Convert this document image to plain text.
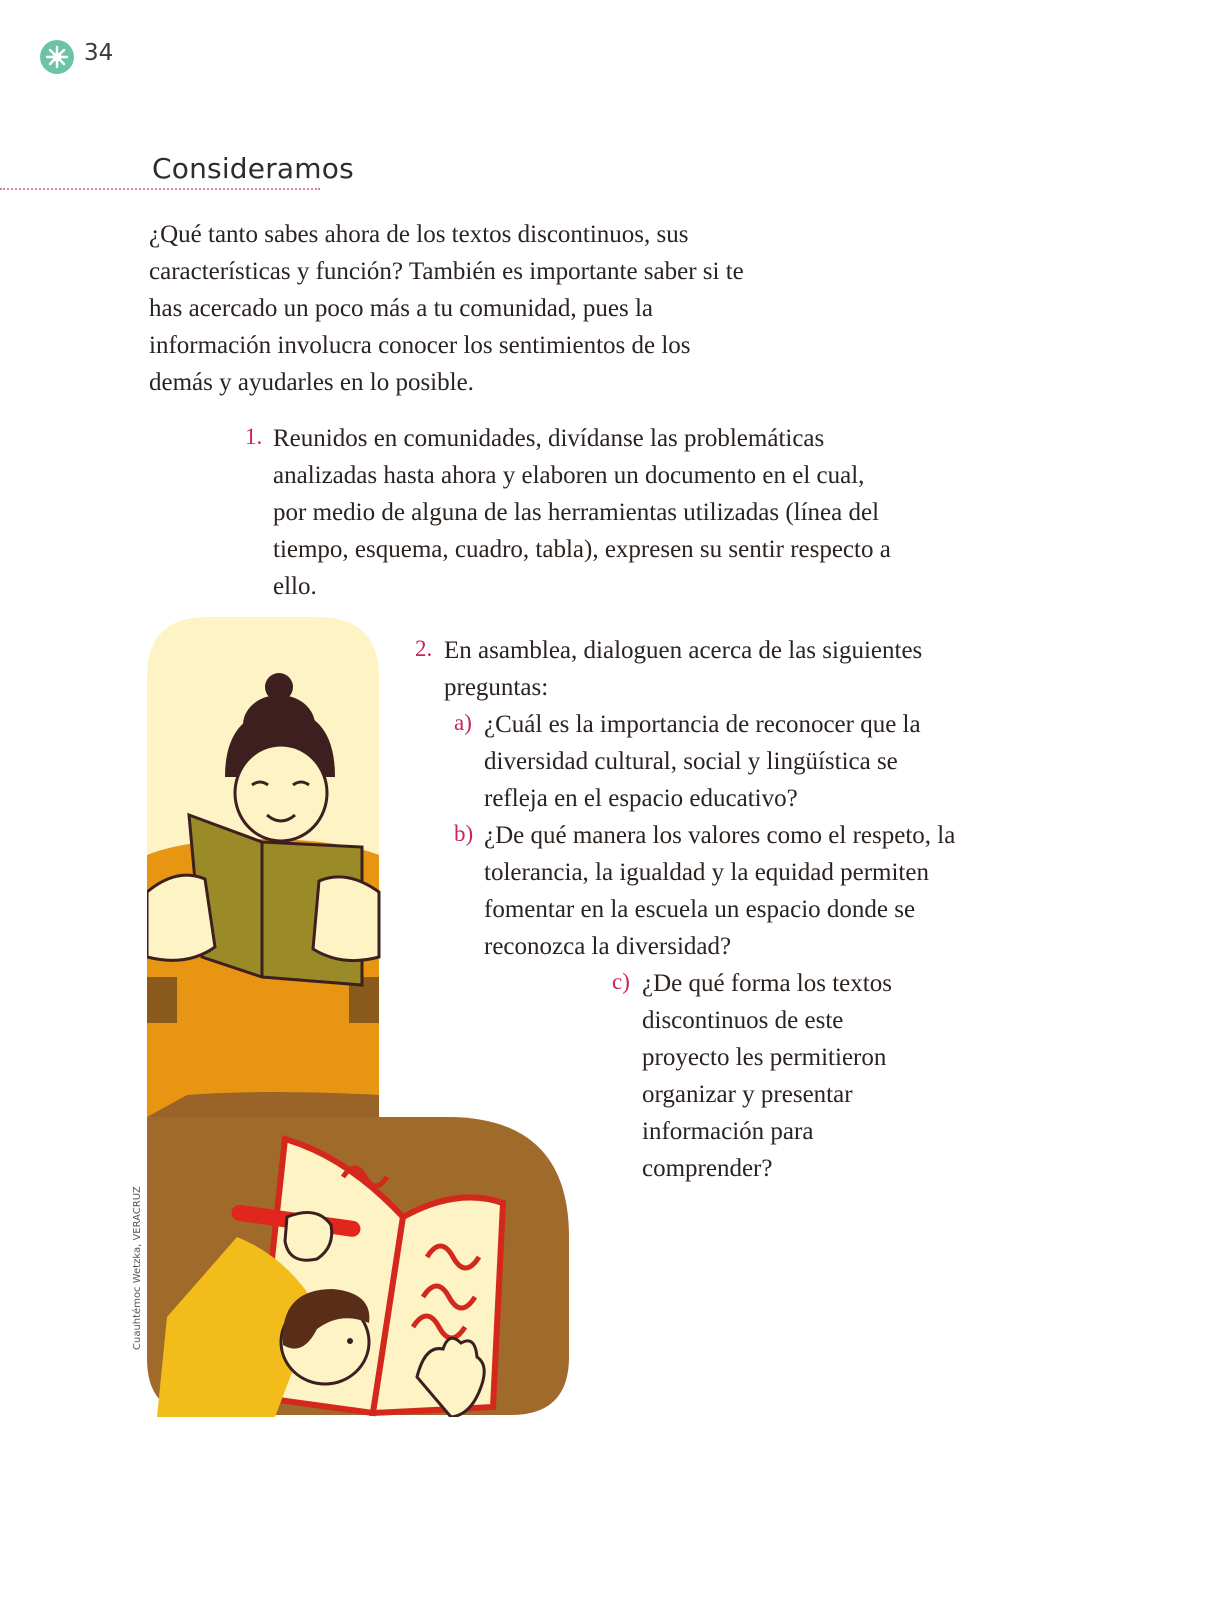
34
Consideramos

¿Qué tanto sabes ahora de los textos discontinuos, sus características y función? También es importante saber si te has acercado un poco más a tu comunidad, pues la información involucra conocer los sentimientos de los demás y ayudarles en lo posible.

1. Reunidos en comunidades, divídanse las problemáticas analizadas hasta ahora y elaboren un documento en el cual, por medio de alguna de las herramientas utilizadas (línea del tiempo, esquema, cuadro, tabla), expresen su sentir respecto a ello.

2. En asamblea, dialoguen acerca de las siguientes preguntas:

a) ¿Cuál es la importancia de reconocer que la diversidad cultural, social y lingüística se refleja en el espacio educativo?

b) ¿De qué manera los valores como el respeto, la tolerancia, la igualdad y la equidad permiten fomentar en la escuela un espacio donde se reconozca la diversidad?

c) ¿De qué forma los textos discontinuos de este proyecto les permitieron organizar y presentar información para comprender?

Cuauhtémoc Wetzka, VERACRUZ
